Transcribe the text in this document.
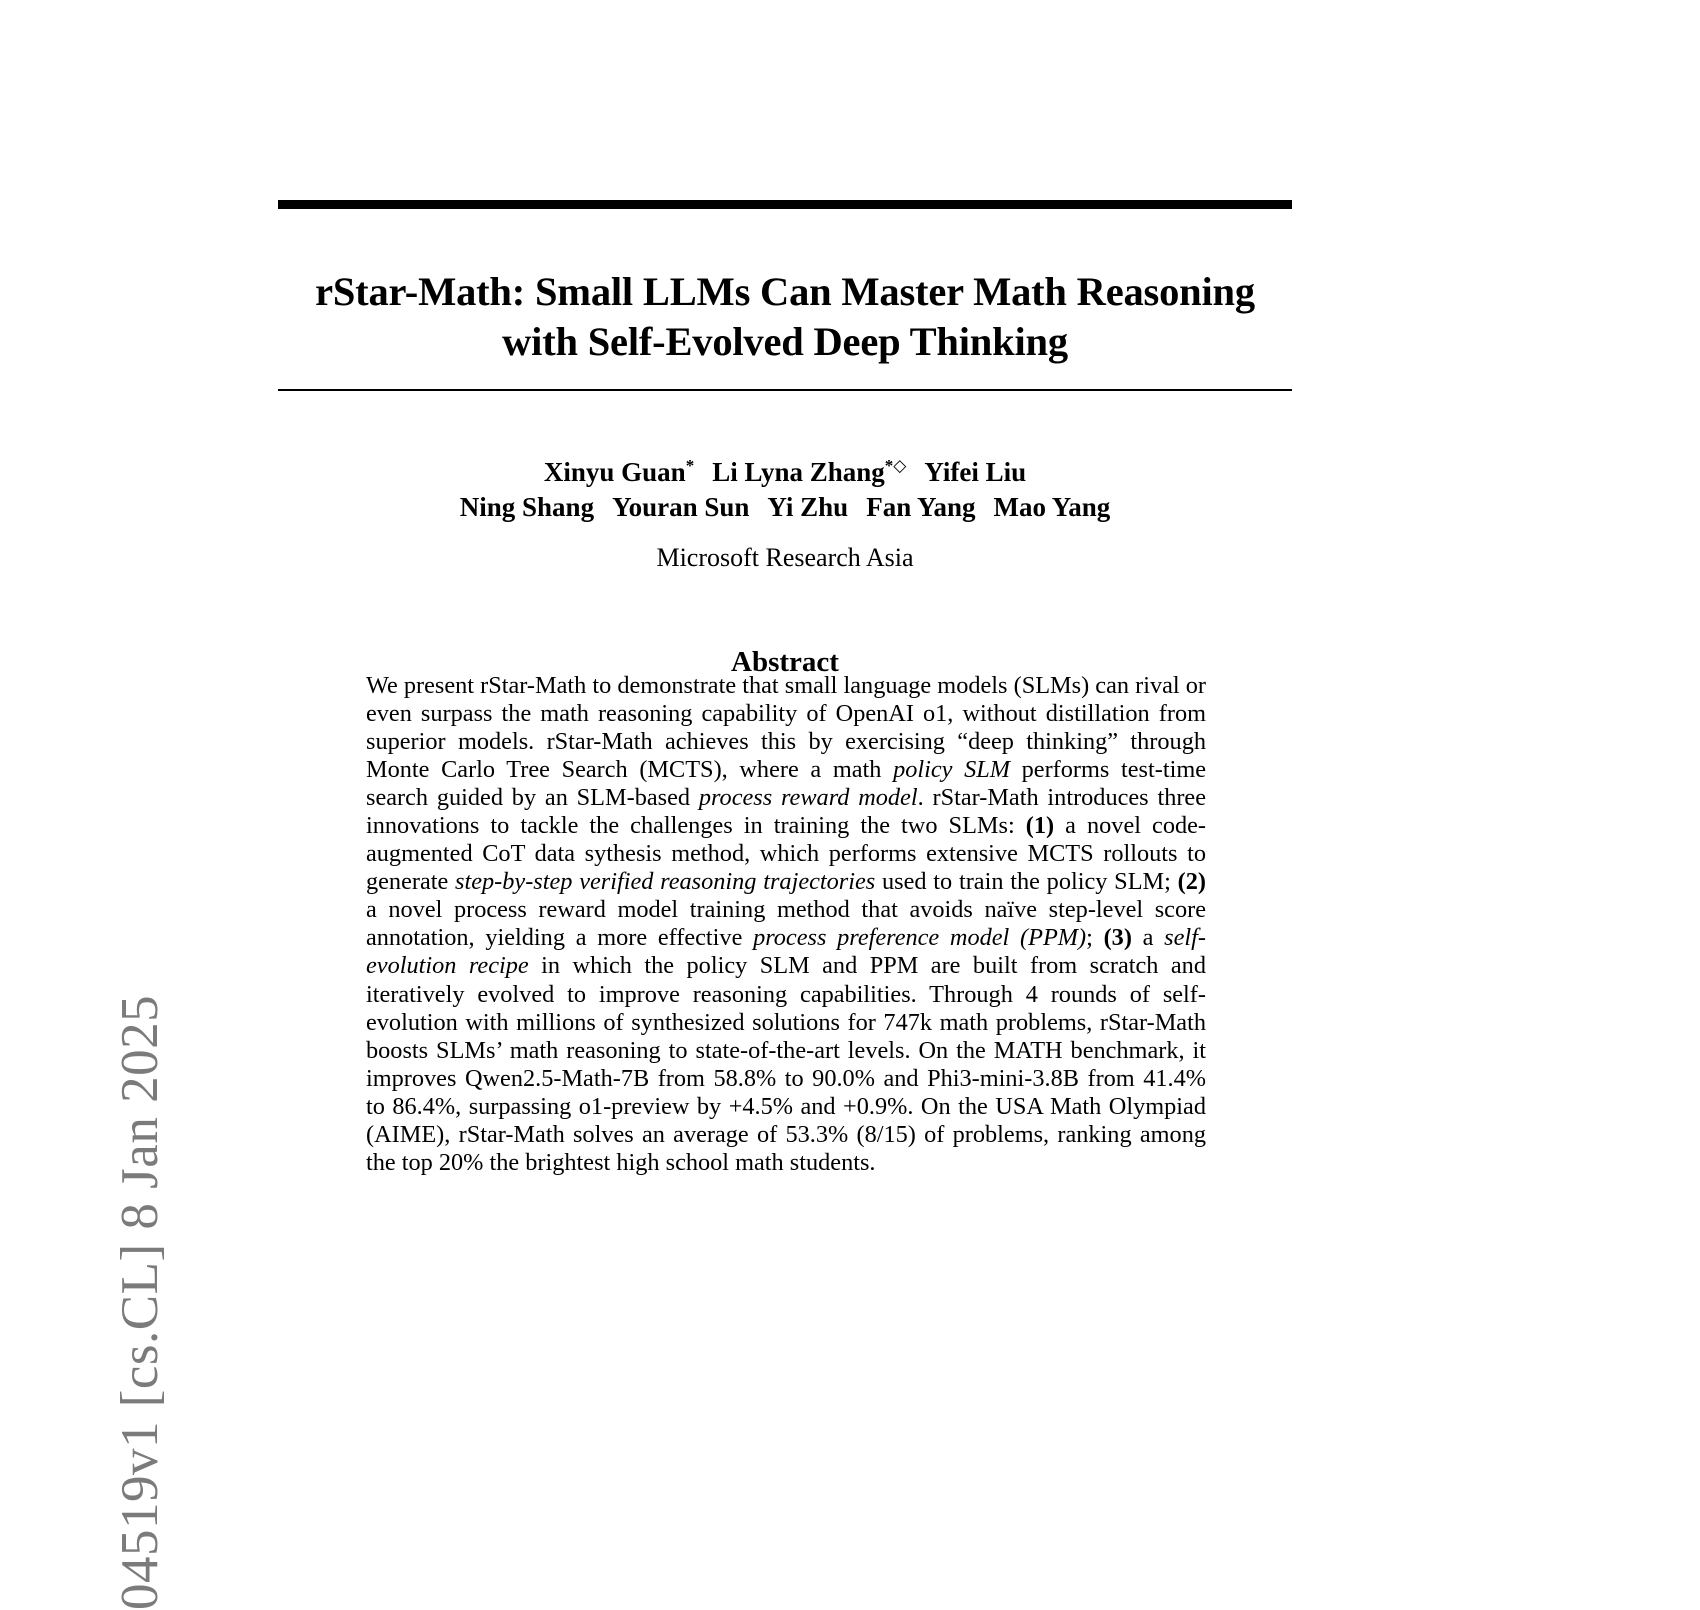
04519v1 [cs.CL] 8 Jan 2025
rStar-Math: Small LLMs Can Master Math Reasoning
with Self-Evolved Deep Thinking
Xinyu Guan* Li Lyna Zhang*◇ Yifei Liu
Ning Shang Youran Sun Yi Zhu Fan Yang Mao Yang
Microsoft Research Asia
Abstract
We present rStar-Math to demonstrate that small language models (SLMs) can rival or even surpass the math reasoning capability of OpenAI o1, without distillation from superior models. rStar-Math achieves this by exercising “deep thinking” through Monte Carlo Tree Search (MCTS), where a math policy SLM performs test-time search guided by an SLM-based process reward model. rStar-Math introduces three innovations to tackle the challenges in training the two SLMs: (1) a novel code-augmented CoT data sythesis method, which performs extensive MCTS rollouts to generate step-by-step verified reasoning trajectories used to train the policy SLM; (2) a novel process reward model training method that avoids naïve step-level score annotation, yielding a more effective process preference model (PPM); (3) a self-evolution recipe in which the policy SLM and PPM are built from scratch and iteratively evolved to improve reasoning capabilities. Through 4 rounds of self-evolution with millions of synthesized solutions for 747k math problems, rStar-Math boosts SLMs’ math reasoning to state-of-the-art levels. On the MATH benchmark, it improves Qwen2.5-Math-7B from 58.8% to 90.0% and Phi3-mini-3.8B from 41.4% to 86.4%, surpassing o1-preview by +4.5% and +0.9%. On the USA Math Olympiad (AIME), rStar-Math solves an average of 53.3% (8/15) of problems, ranking among the top 20% the brightest high school math students.
